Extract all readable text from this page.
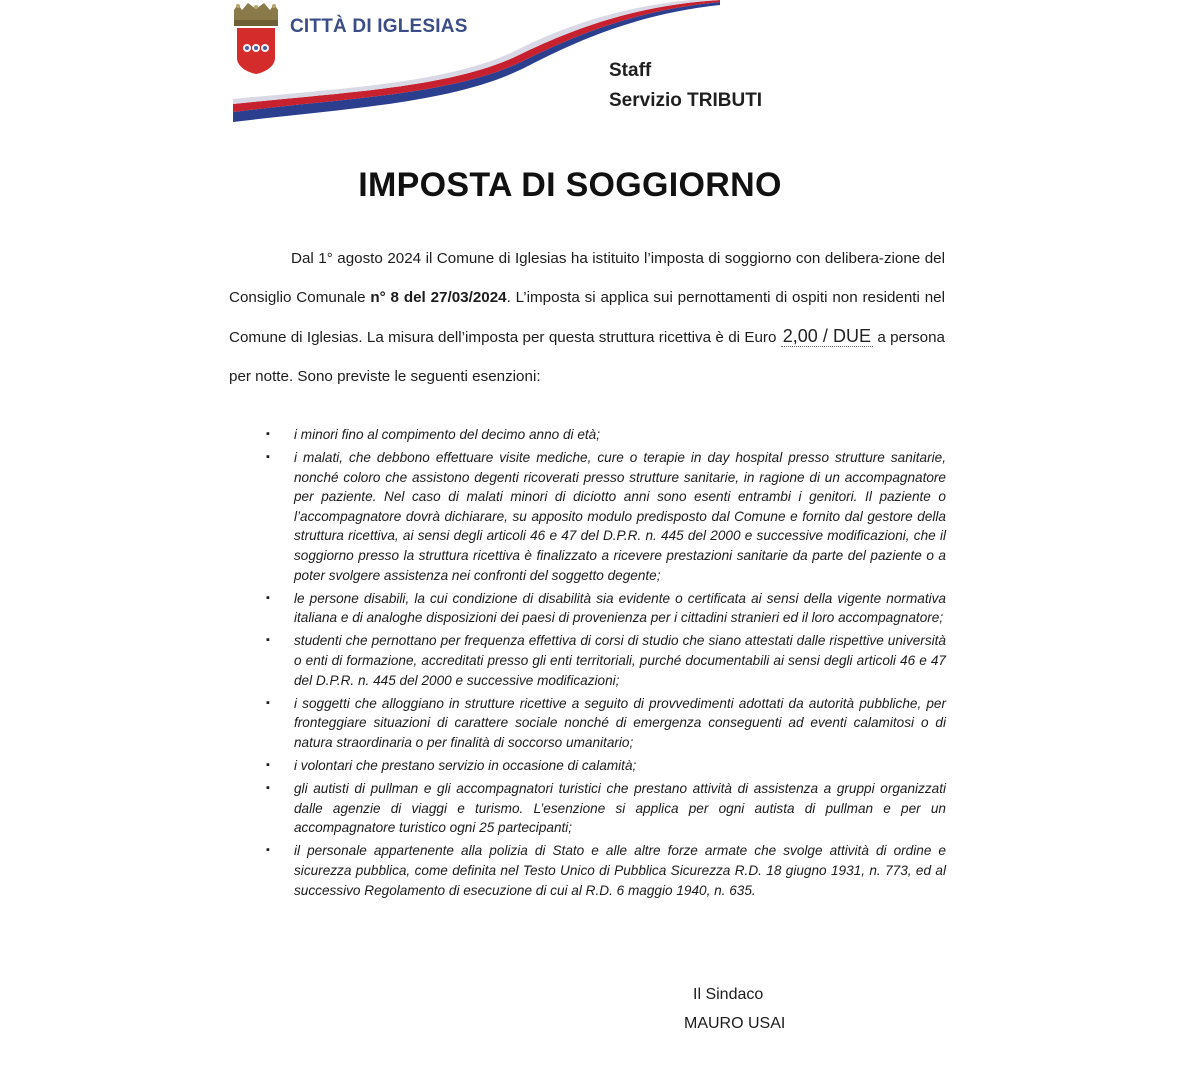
CITTÀ DI IGLESIAS
Staff
Servizio TRIBUTI
IMPOSTA DI SOGGIORNO
Dal 1° agosto 2024 il Comune di Iglesias ha istituito l’imposta di soggiorno con delibera-zione del Consiglio Comunale n° 8 del 27/03/2024. L’imposta si applica sui pernottamenti di ospiti non residenti nel Comune di Iglesias. La misura dell’imposta per questa struttura ricettiva è di Euro 2,00 / DUE a persona per notte. Sono previste le seguenti esenzioni:
▪ i minori fino al compimento del decimo anno di età;
▪ i malati, che debbono effettuare visite mediche, cure o terapie in day hospital presso strutture sanitarie, nonché coloro che assistono degenti ricoverati presso strutture sanitarie, in ragione di un accompagnatore per paziente. Nel caso di malati minori di diciotto anni sono esenti entrambi i genitori. Il paziente o l’accompagnatore dovrà dichiarare, su apposito modulo predisposto dal Comune e fornito dal gestore della struttura ricettiva, ai sensi degli articoli 46 e 47 del D.P.R. n. 445 del 2000 e successive modificazioni, che il soggiorno presso la struttura ricettiva è finalizzato a ricevere prestazioni sanitarie da parte del paziente o a poter svolgere assistenza nei confronti del soggetto degente;
▪ le persone disabili, la cui condizione di disabilità sia evidente o certificata ai sensi della vigente normativa italiana e di analoghe disposizioni dei paesi di provenienza per i cittadini stranieri ed il loro accompagnatore;
▪ studenti che pernottano per frequenza effettiva di corsi di studio che siano attestati dalle rispettive università o enti di formazione, accreditati presso gli enti territoriali, purché documentabili ai sensi degli articoli 46 e 47 del D.P.R. n. 445 del 2000 e successive modificazioni;
▪ i soggetti che alloggiano in strutture ricettive a seguito di provvedimenti adottati da autorità pubbliche, per fronteggiare situazioni di carattere sociale nonché di emergenza conseguenti ad eventi calamitosi o di natura straordinaria o per finalità di soccorso umanitario;
▪ i volontari che prestano servizio in occasione di calamità;
▪ gli autisti di pullman e gli accompagnatori turistici che prestano attività di assistenza a gruppi organizzati dalle agenzie di viaggi e turismo. L’esenzione si applica per ogni autista di pullman e per un accompagnatore turistico ogni 25 partecipanti;
▪ il personale appartenente alla polizia di Stato e alle altre forze armate che svolge attività di ordine e sicurezza pubblica, come definita nel Testo Unico di Pubblica Sicurezza R.D. 18 giugno 1931, n. 773, ed al successivo Regolamento di esecuzione di cui al R.D. 6 maggio 1940, n. 635.
Il Sindaco
MAURO USAI
